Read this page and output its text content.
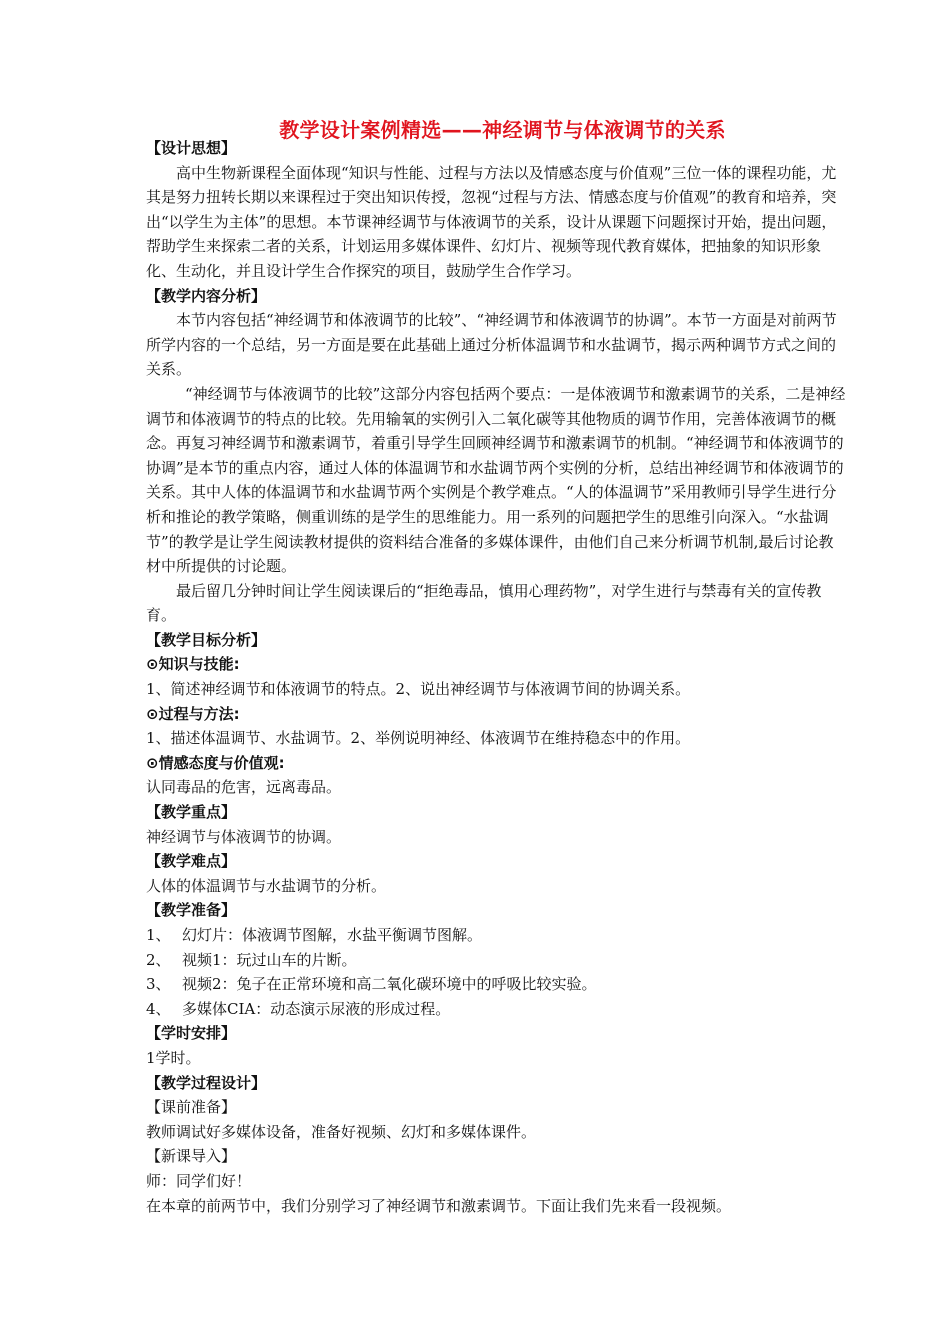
教学设计案例精选——神经调节与体液调节的关系

【设计思想】

高中生物新课程全面体现“知识与性能、过程与方法以及情感态度与价值观”三位一体的课程功能，尤其是努力扭转长期以来课程过于突出知识传授，忽视“过程与方法、情感态度与价值观”的教育和培养，突出“以学生为主体”的思想。本节课神经调节与体液调节的关系，设计从课题下问题探讨开始，提出问题，帮助学生来探索二者的关系，计划运用多媒体课件、幻灯片、视频等现代教育媒体，把抽象的知识形象化、生动化，并且设计学生合作探究的项目，鼓励学生合作学习。

【教学内容分析】

本节内容包括“神经调节和体液调节的比较”、“神经调节和体液调节的协调”。本节一方面是对前两节所学内容的一个总结，另一方面是要在此基础上通过分析体温调节和水盐调节，揭示两种调节方式之间的关系。

“神经调节与体液调节的比较”这部分内容包括两个要点：一是体液调节和激素调节的关系，二是神经调节和体液调节的特点的比较。先用输氧的实例引入二氧化碳等其他物质的调节作用，完善体液调节的概念。再复习神经调节和激素调节，着重引导学生回顾神经调节和激素调节的机制。“神经调节和体液调节的协调”是本节的重点内容，通过人体的体温调节和水盐调节两个实例的分析，总结出神经调节和体液调节的关系。其中人体的体温调节和水盐调节两个实例是个教学难点。“人的体温调节”采用教师引导学生进行分析和推论的教学策略，侧重训练的是学生的思维能力。用一系列的问题把学生的思维引向深入。“水盐调节”的教学是让学生阅读教材提供的资料结合准备的多媒体课件，由他们自己来分析调节机制,最后讨论教材中所提供的讨论题。

最后留几分钟时间让学生阅读课后的“拒绝毒品，慎用心理药物”，对学生进行与禁毒有关的宣传教育。

【教学目标分析】

⊙知识与技能:

1、简述神经调节和体液调节的特点。2、说出神经调节与体液调节间的协调关系。

⊙过程与方法:

1、描述体温调节、水盐调节。2、举例说明神经、体液调节在维持稳态中的作用。

⊙情感态度与价值观:

认同毒品的危害，远离毒品。

【教学重点】

神经调节与体液调节的协调。

【教学难点】

人体的体温调节与水盐调节的分析。

【教学准备】

1、 幻灯片：体液调节图解，水盐平衡调节图解。
2、 视频1：玩过山车的片断。
3、 视频2：兔子在正常环境和高二氧化碳环境中的呼吸比较实验。
4、 多媒体CIA：动态演示尿液的形成过程。

【学时安排】

1学时。

【教学过程设计】

【课前准备】

教师调试好多媒体设备，准备好视频、幻灯和多媒体课件。

【新课导入】

师：同学们好！

在本章的前两节中，我们分别学习了神经调节和激素调节。下面让我们先来看一段视频。
